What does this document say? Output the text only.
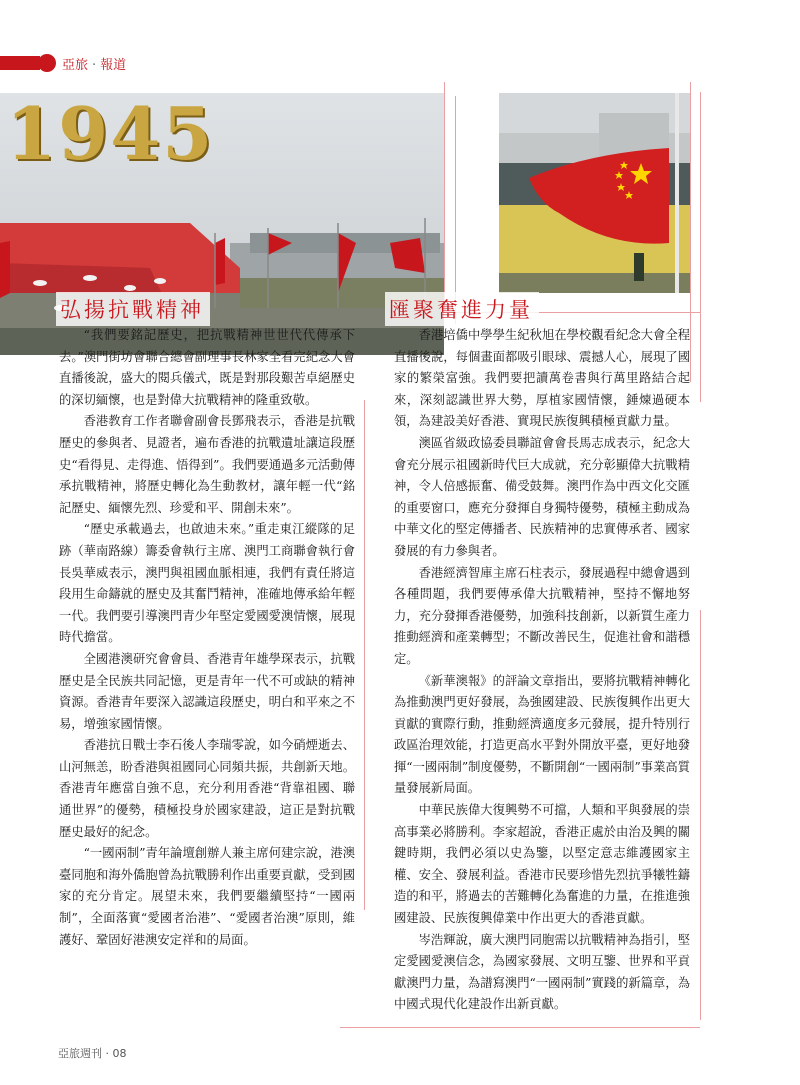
亞旅 · 報道
1945
弘揚抗戰精神	匯聚奮進力量

“我們要銘記歷史，把抗戰精神世世代代傳承下去。”澳門街坊會聯合總會副理事長林家全看完紀念大會直播後說，盛大的閱兵儀式，既是對那段艱苦卓絕歷史的深切緬懷，也是對偉大抗戰精神的隆重致敬。

香港教育工作者聯會副會長鄧飛表示，香港是抗戰歷史的參與者、見證者，遍布香港的抗戰遺址讓這段歷史“看得見、走得進、悟得到”。我們要通過多元活動傳承抗戰精神，將歷史轉化為生動教材，讓年輕一代“銘記歷史、緬懷先烈、珍愛和平、開創未來”。

“歷史承載過去，也啟迪未來。”重走東江縱隊的足跡（華南路線）籌委會執行主席、澳門工商聯會執行會長吳華威表示，澳門與祖國血脈相連，我們有責任將這段用生命鑄就的歷史及其奮鬥精神，准確地傳承給年輕一代。我們要引導澳門青少年堅定愛國愛澳情懷，展現時代擔當。

全國港澳研究會會員、香港青年雄學琛表示，抗戰歷史是全民族共同記憶，更是青年一代不可或缺的精神資源。香港青年要深入認識這段歷史，明白和平來之不易，增強家國情懷。

香港抗日戰士李石後人李瑞零說，如今硝煙逝去、山河無恙，盼香港與祖國同心同頻共振，共創新天地。香港青年應當自強不息，充分利用香港“背靠祖國、聯通世界”的優勢，積極投身於國家建設，這正是對抗戰歷史最好的紀念。

“一國兩制”青年論壇創辦人兼主席何建宗說，港澳臺同胞和海外僑胞曾為抗戰勝利作出重要貢獻，受到國家的充分肯定。展望未來，我們要繼續堅持“一國兩制”，全面落實“愛國者治港”、“愛國者治澳”原則，維護好、鞏固好港澳安定祥和的局面。

香港培僑中學學生紀秋旭在學校觀看紀念大會全程直播後說，每個畫面都吸引眼球、震撼人心，展現了國家的繁榮富強。我們要把讀萬卷書與行萬里路結合起來，深刻認識世界大勢，厚植家國情懷，錘煉過硬本領，為建設美好香港、實現民族復興積極貢獻力量。

澳區省級政協委員聯誼會會長馬志成表示，紀念大會充分展示祖國新時代巨大成就，充分彰顯偉大抗戰精神，令人倍感振奮、備受鼓舞。澳門作為中西文化交匯的重要窗口，應充分發揮自身獨特優勢，積極主動成為中華文化的堅定傳播者、民族精神的忠實傳承者、國家發展的有力參與者。

香港經濟智庫主席石柱表示，發展過程中總會遇到各種問題，我們要傳承偉大抗戰精神，堅持不懈地努力，充分發揮香港優勢，加強科技創新，以新質生產力推動經濟和產業轉型；不斷改善民生，促進社會和諧穩定。

《新華澳報》的評論文章指出，要將抗戰精神轉化為推動澳門更好發展，為強國建設、民族復興作出更大貢獻的實際行動，推動經濟適度多元發展，提升特別行政區治理效能，打造更高水平對外開放平臺，更好地發揮“一國兩制”制度優勢，不斷開創“一國兩制”事業高質量發展新局面。

中華民族偉大復興勢不可擋，人類和平與發展的崇高事業必將勝利。李家超說，香港正處於由治及興的關鍵時期，我們必須以史為鑒，以堅定意志維護國家主權、安全、發展利益。香港市民要珍惜先烈抗爭犧牲鑄造的和平，將過去的苦難轉化為奮進的力量，在推進強國建設、民族復興偉業中作出更大的香港貢獻。

岑浩輝說，廣大澳門同胞需以抗戰精神為指引，堅定愛國愛澳信念，為國家發展、文明互鑒、世界和平貢獻澳門力量，為譜寫澳門“一國兩制”實踐的新篇章，為中國式現代化建設作出新貢獻。

亞旅週刊 · 08
